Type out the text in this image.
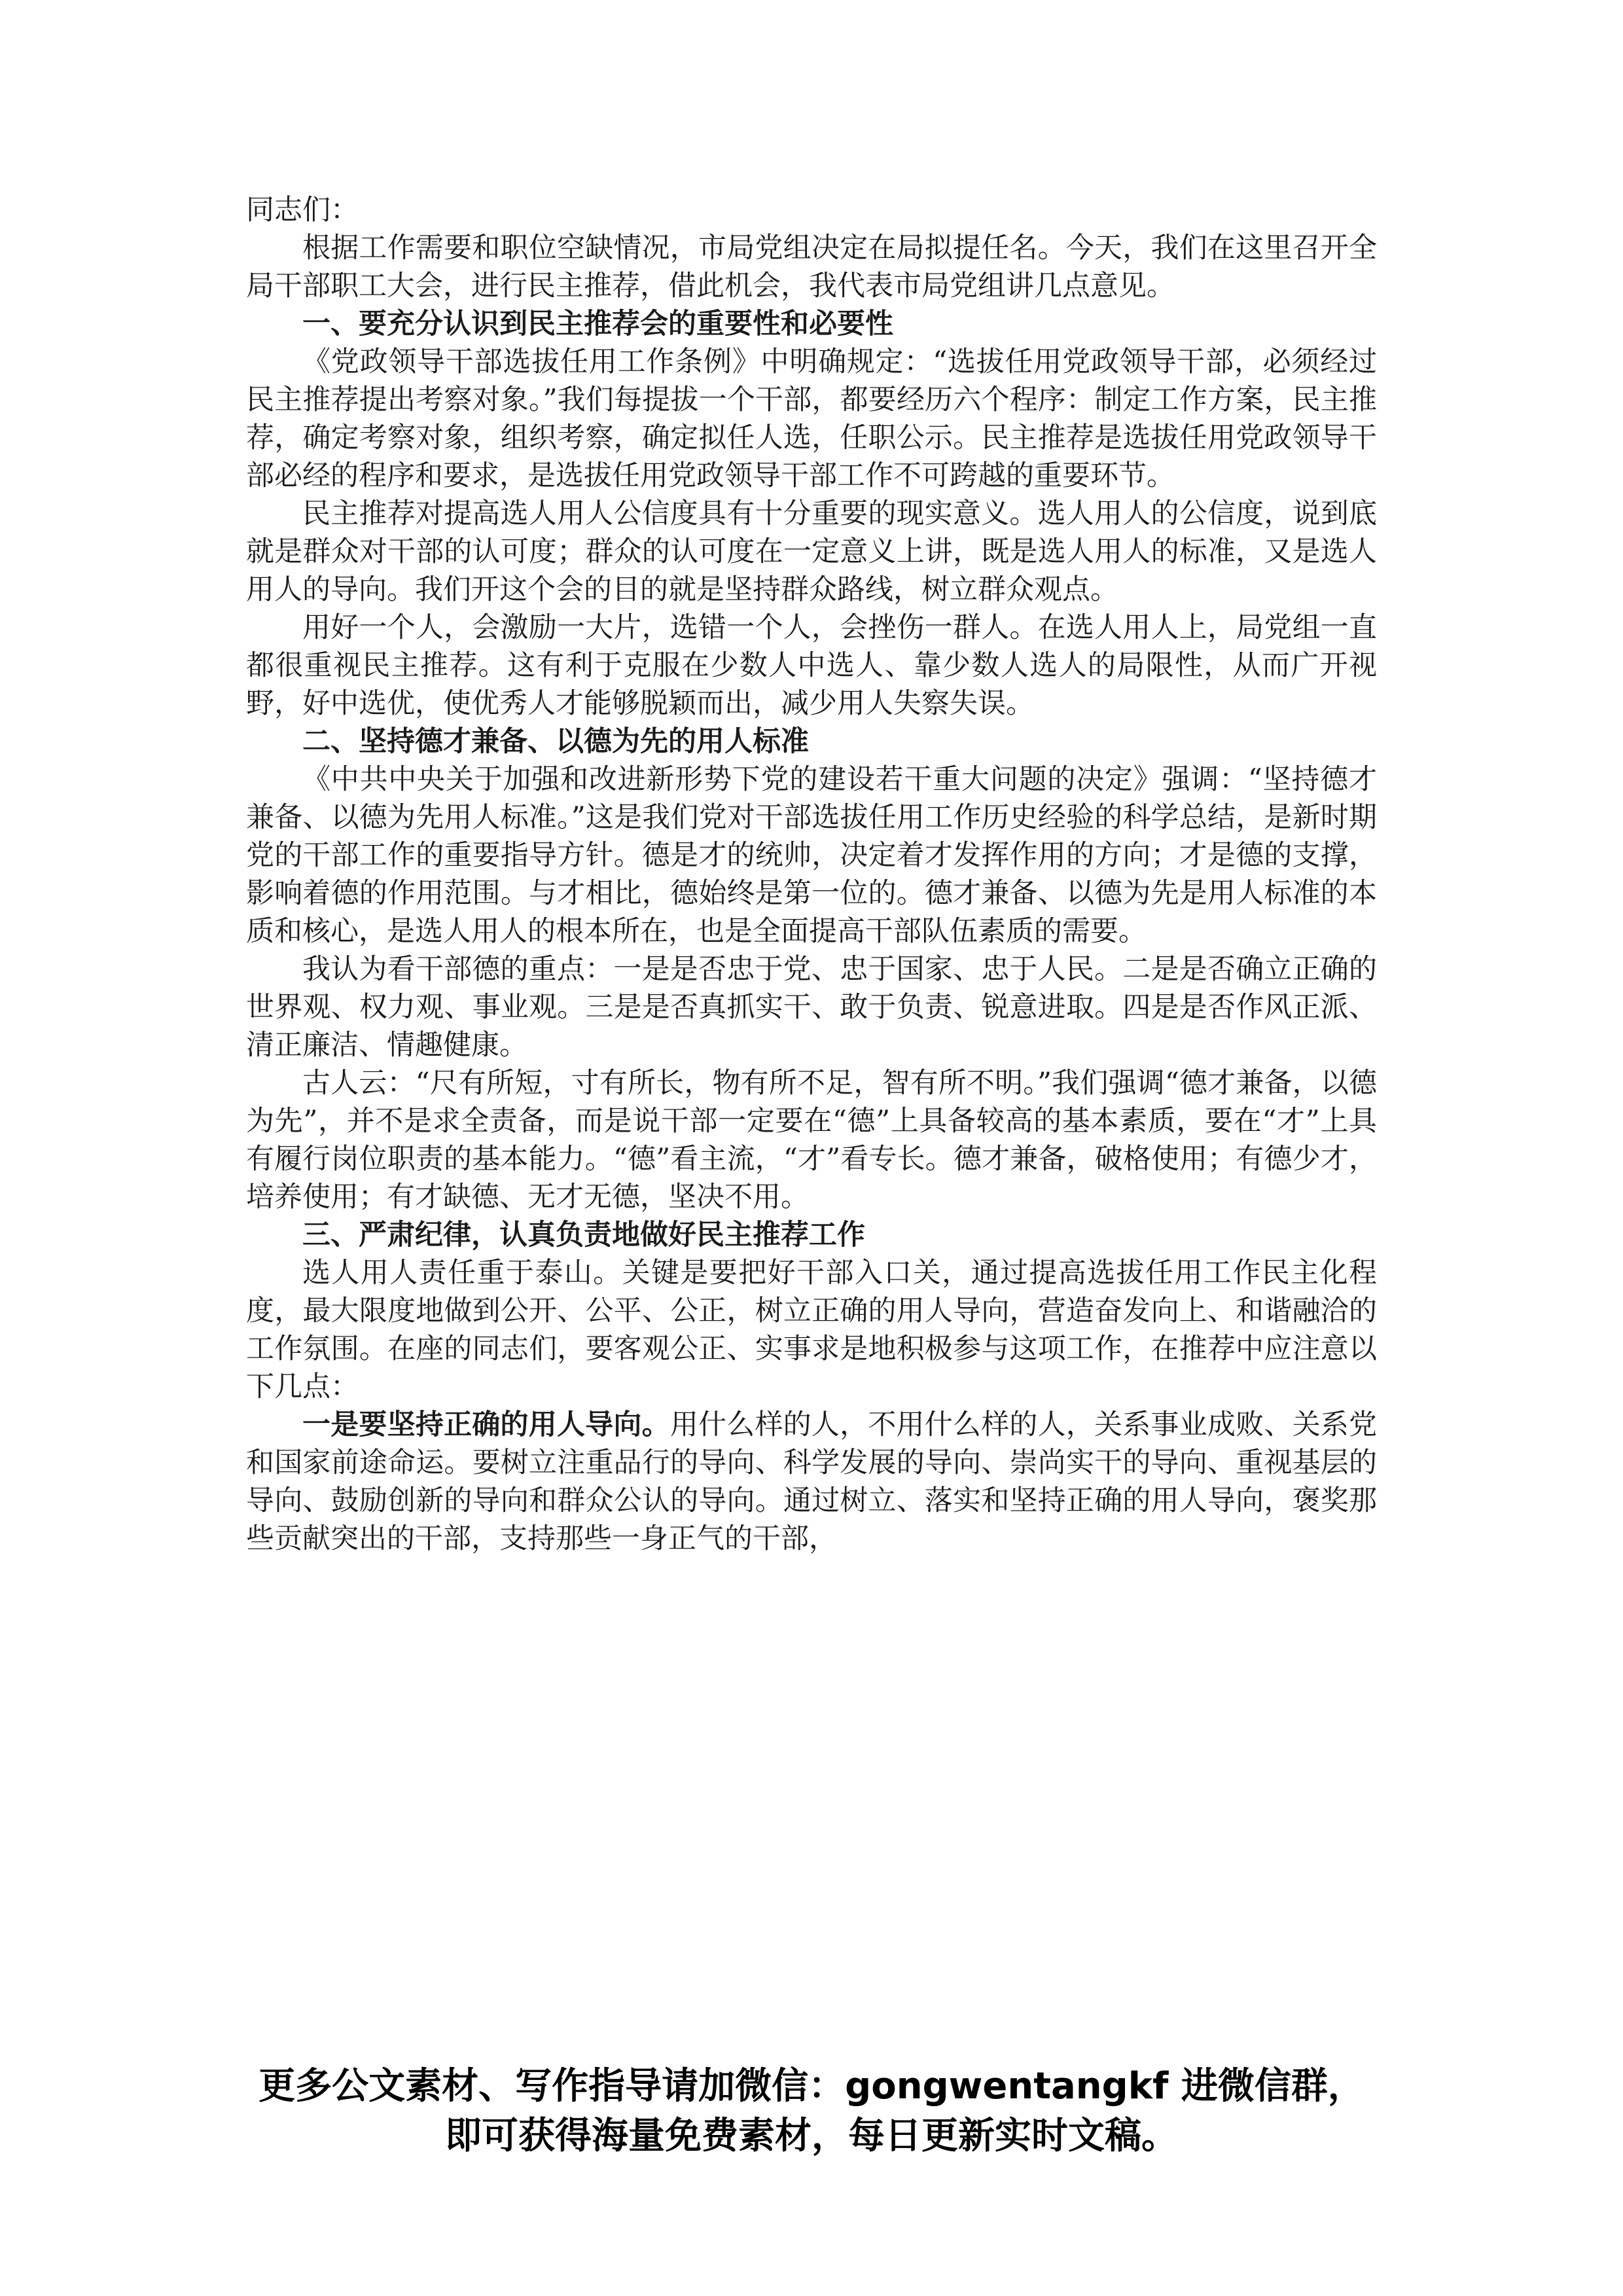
同志们：

根据工作需要和职位空缺情况，市局党组决定在局拟提任名。今天，我们在这里召开全局干部职工大会，进行民主推荐，借此机会，我代表市局党组讲几点意见。

一、要充分认识到民主推荐会的重要性和必要性

《党政领导干部选拔任用工作条例》中明确规定：“选拔任用党政领导干部，必须经过民主推荐提出考察对象。”我们每提拔一个干部，都要经历六个程序：制定工作方案，民主推荐，确定考察对象，组织考察，确定拟任人选，任职公示。民主推荐是选拔任用党政领导干部必经的程序和要求，是选拔任用党政领导干部工作不可跨越的重要环节。

民主推荐对提高选人用人公信度具有十分重要的现实意义。选人用人的公信度，说到底就是群众对干部的认可度；群众的认可度在一定意义上讲，既是选人用人的标准，又是选人用人的导向。我们开这个会的目的就是坚持群众路线，树立群众观点。

用好一个人，会激励一大片，选错一个人，会挫伤一群人。在选人用人上，局党组一直都很重视民主推荐。这有利于克服在少数人中选人、靠少数人选人的局限性，从而广开视野，好中选优，使优秀人才能够脱颖而出，减少用人失察失误。

二、坚持德才兼备、以德为先的用人标准

《中共中央关于加强和改进新形势下党的建设若干重大问题的决定》强调：“坚持德才兼备、以德为先用人标准。”这是我们党对干部选拔任用工作历史经验的科学总结，是新时期党的干部工作的重要指导方针。德是才的统帅，决定着才发挥作用的方向；才是德的支撑，影响着德的作用范围。与才相比，德始终是第一位的。德才兼备、以德为先是用人标准的本质和核心，是选人用人的根本所在，也是全面提高干部队伍素质的需要。

我认为看干部德的重点：一是是否忠于党、忠于国家、忠于人民。二是是否确立正确的世界观、权力观、事业观。三是是否真抓实干、敢于负责、锐意进取。四是是否作风正派、清正廉洁、情趣健康。

古人云：“尺有所短，寸有所长，物有所不足，智有所不明。”我们强调“德才兼备，以德为先”，并不是求全责备，而是说干部一定要在“德”上具备较高的基本素质，要在“才”上具有履行岗位职责的基本能力。“德”看主流，“才”看专长。德才兼备，破格使用；有德少才，培养使用；有才缺德、无才无德，坚决不用。

三、严肃纪律，认真负责地做好民主推荐工作

选人用人责任重于泰山。关键是要把好干部入口关，通过提高选拔任用工作民主化程度，最大限度地做到公开、公平、公正，树立正确的用人导向，营造奋发向上、和谐融洽的工作氛围。在座的同志们，要客观公正、实事求是地积极参与这项工作，在推荐中应注意以下几点：

一是要坚持正确的用人导向。用什么样的人，不用什么样的人，关系事业成败、关系党和国家前途命运。要树立注重品行的导向、科学发展的导向、崇尚实干的导向、重视基层的导向、鼓励创新的导向和群众公认的导向。通过树立、落实和坚持正确的用人导向，褒奖那些贡献突出的干部，支持那些一身正气的干部，

更多公文素材、写作指导请加微信：gongwentangkf 进微信群，
即可获得海量免费素材，每日更新实时文稿。
